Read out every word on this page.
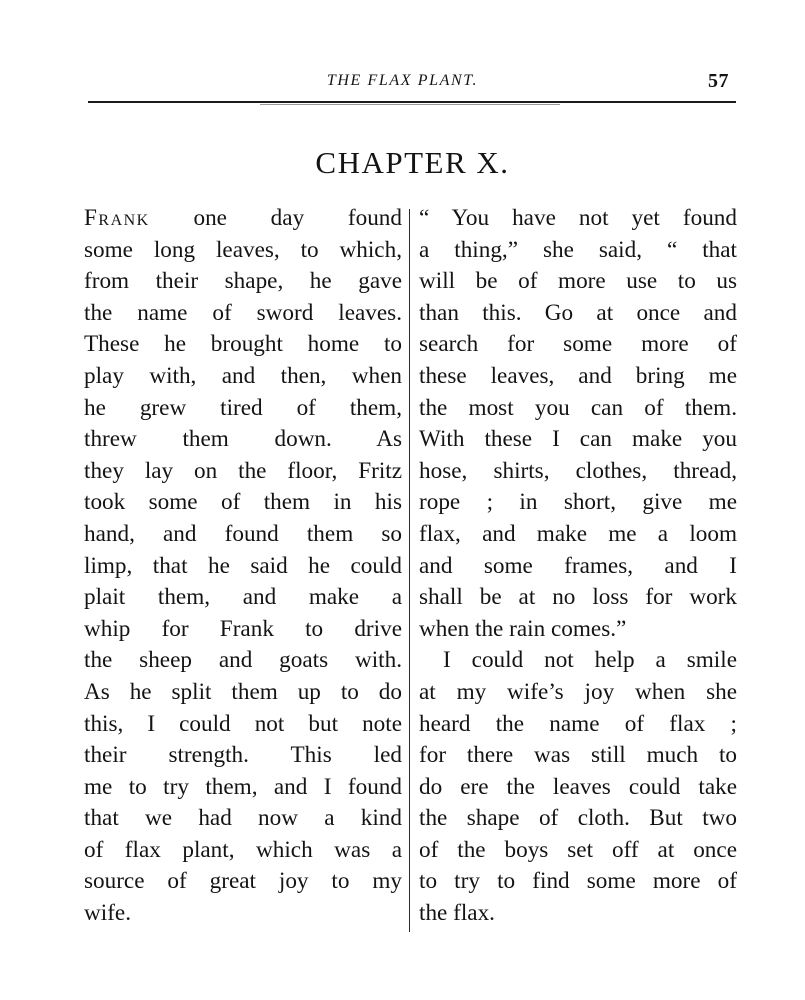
THE FLAX PLANT.	57
CHAPTER X.
Frank one day found
some long leaves, to which,
from their shape, he gave
the name of sword leaves.
These he brought home to
play with, and then, when
he grew tired of them,
threw them down. As
they lay on the floor, Fritz
took some of them in his
hand, and found them so
limp, that he said he could
plait them, and make a
whip for Frank to drive
the sheep and goats with.
As he split them up to do
this, I could not but note
their strength. This led
me to try them, and I found
that we had now a kind
of flax plant, which was a
source of great joy to my
wife.
“ You have not yet found
a thing,” she said, “ that
will be of more use to us
than this. Go at once and
search for some more of
these leaves, and bring me
the most you can of them.
With these I can make you
hose, shirts, clothes, thread,
rope ; in short, give me
flax, and make me a loom
and some frames, and I
shall be at no loss for work
when the rain comes.”
I could not help a smile
at my wife’s joy when she
heard the name of flax ;
for there was still much to
do ere the leaves could take
the shape of cloth. But two
of the boys set off at once
to try to find some more of
the flax.
